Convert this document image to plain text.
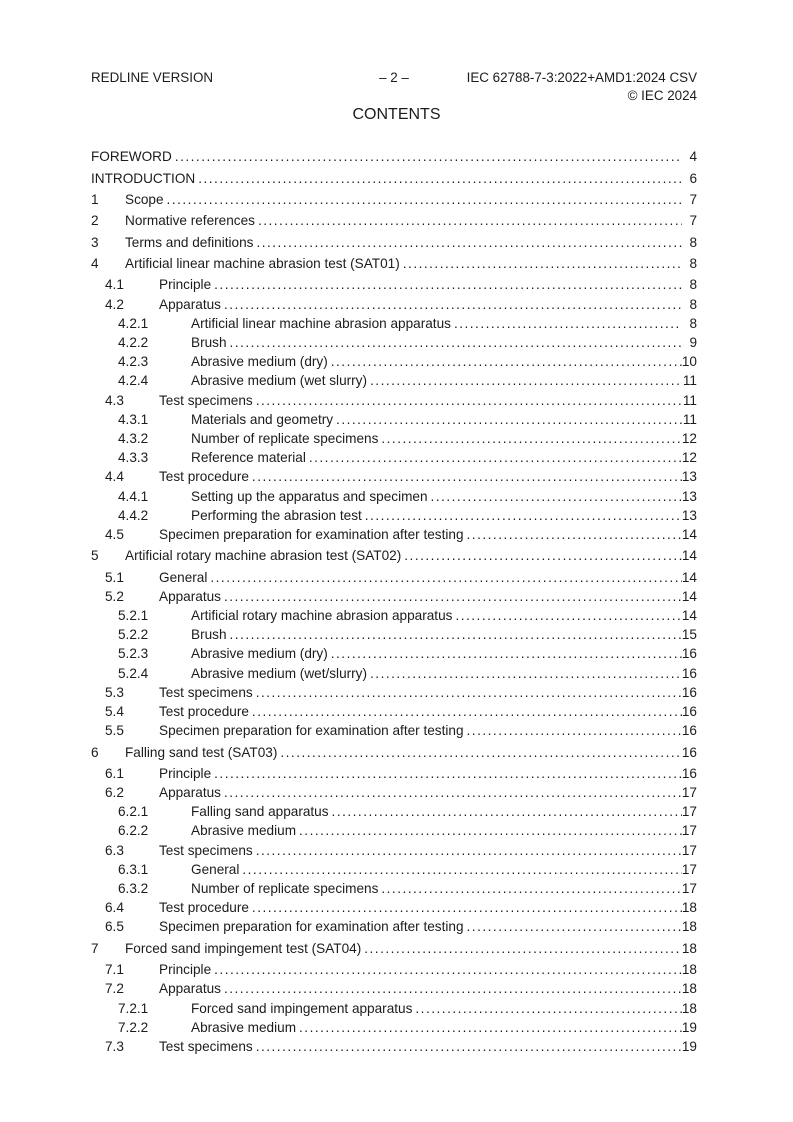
REDLINE VERSION	– 2 –	IEC 62788-7-3:2022+AMD1:2024 CSV
© IEC 2024
CONTENTS
FOREWORD .....	4
INTRODUCTION .....	6
1	Scope .....	7
2	Normative references .....	7
3	Terms and definitions .....	8
4	Artificial linear machine abrasion test (SAT01) .....	8
4.1	Principle .....	8
4.2	Apparatus .....	8
4.2.1	Artificial linear machine abrasion apparatus .....	8
4.2.2	Brush .....	9
4.2.3	Abrasive medium (dry) .....	10
4.2.4	Abrasive medium (wet slurry) .....	11
4.3	Test specimens .....	11
4.3.1	Materials and geometry .....	11
4.3.2	Number of replicate specimens .....	12
4.3.3	Reference material .....	12
4.4	Test procedure .....	13
4.4.1	Setting up the apparatus and specimen .....	13
4.4.2	Performing the abrasion test .....	13
4.5	Specimen preparation for examination after testing .....	14
5	Artificial rotary machine abrasion test (SAT02) .....	14
5.1	General .....	14
5.2	Apparatus .....	14
5.2.1	Artificial rotary machine abrasion apparatus .....	14
5.2.2	Brush .....	15
5.2.3	Abrasive medium (dry) .....	16
5.2.4	Abrasive medium (wet/slurry) .....	16
5.3	Test specimens .....	16
5.4	Test procedure .....	16
5.5	Specimen preparation for examination after testing .....	16
6	Falling sand test (SAT03) .....	16
6.1	Principle .....	16
6.2	Apparatus .....	17
6.2.1	Falling sand apparatus .....	17
6.2.2	Abrasive medium .....	17
6.3	Test specimens .....	17
6.3.1	General .....	17
6.3.2	Number of replicate specimens .....	17
6.4	Test procedure .....	18
6.5	Specimen preparation for examination after testing .....	18
7	Forced sand impingement test (SAT04) .....	18
7.1	Principle .....	18
7.2	Apparatus .....	18
7.2.1	Forced sand impingement apparatus .....	18
7.2.2	Abrasive medium .....	19
7.3	Test specimens .....	19
